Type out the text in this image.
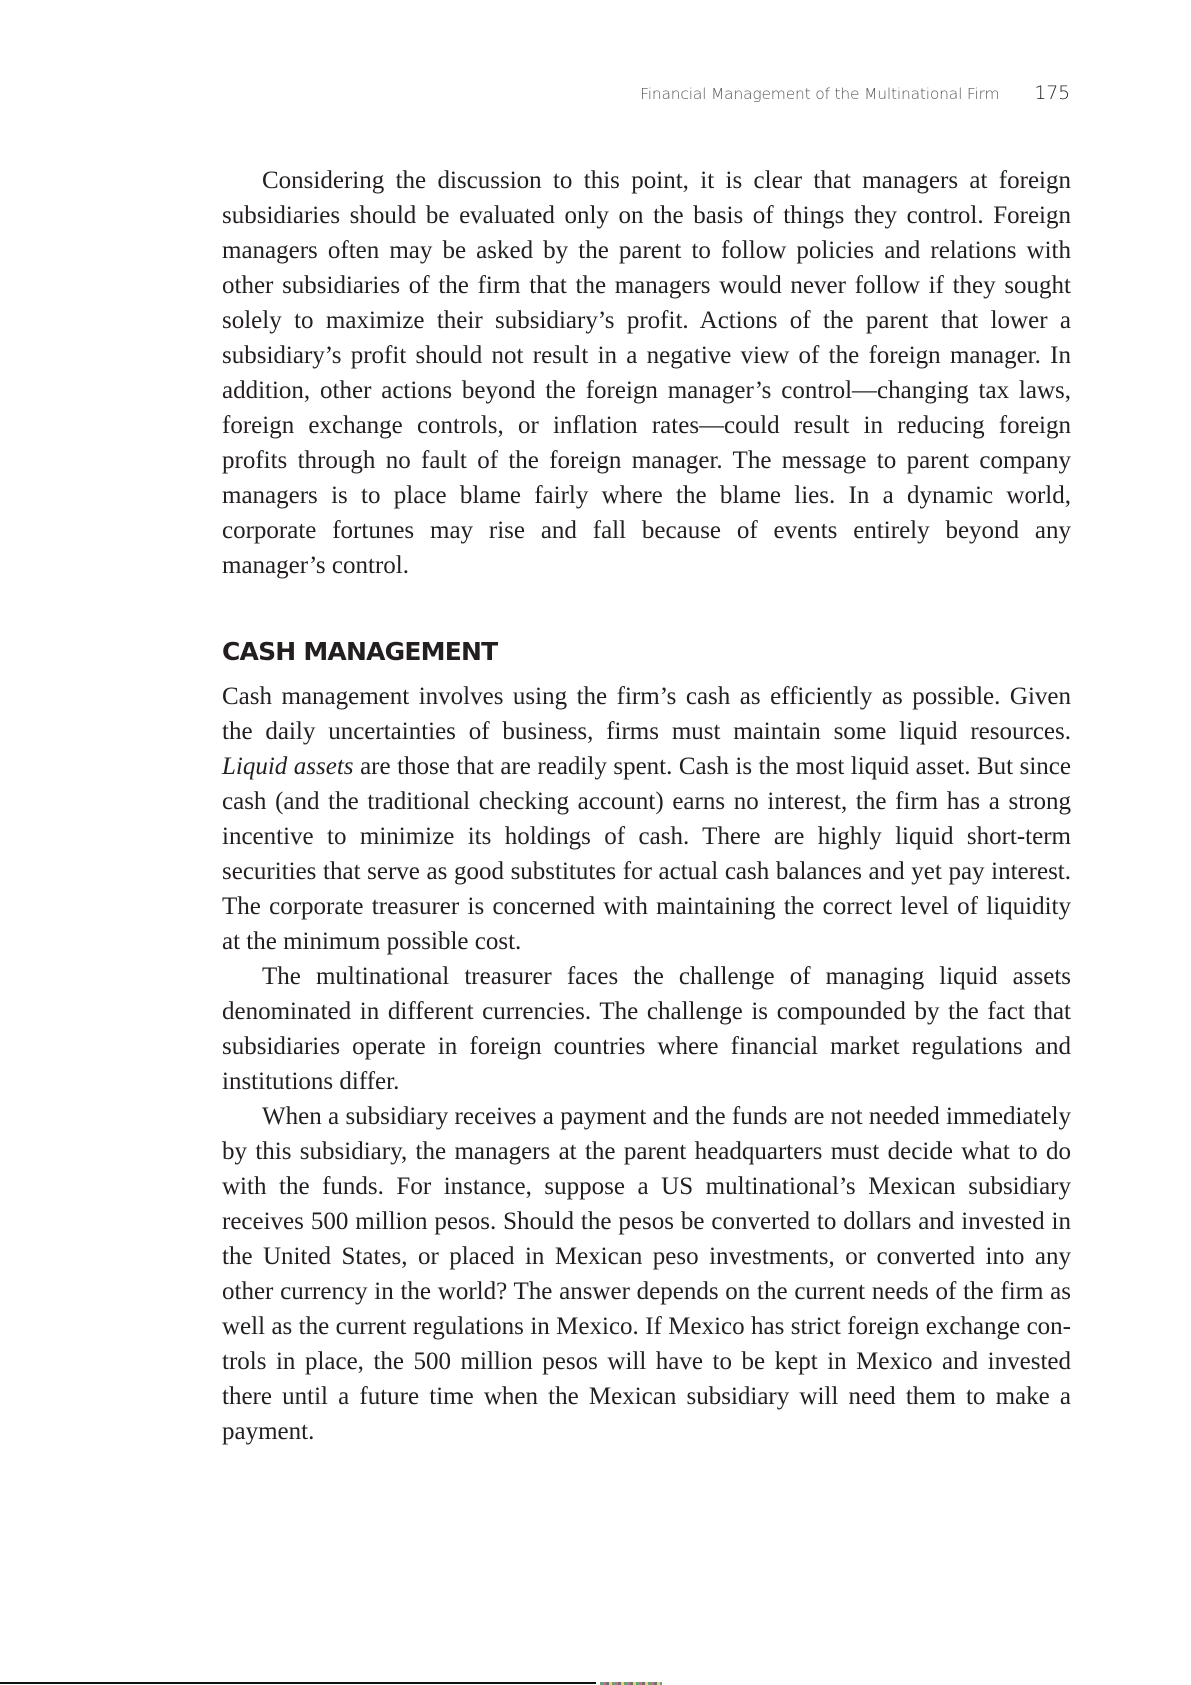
Financial Management of the Multinational Firm 175

Considering the discussion to this point, it is clear that managers at foreign subsidiaries should be evaluated only on the basis of things they control. Foreign managers often may be asked by the parent to follow policies and relations with other subsidiaries of the firm that the managers would never follow if they sought solely to maximize their subsidiary’s profit. Actions of the parent that lower a subsidiary’s profit should not result in a negative view of the foreign manager. In addition, other actions beyond the foreign manager’s control—changing tax laws, foreign exchange controls, or inflation rates—could result in reducing foreign profits through no fault of the foreign manager. The message to parent company managers is to place blame fairly where the blame lies. In a dynamic world, corporate fortunes may rise and fall because of events entirely beyond any manager’s control.

CASH MANAGEMENT

Cash management involves using the firm’s cash as efficiently as possible. Given the daily uncertainties of business, firms must maintain some liquid resources. Liquid assets are those that are readily spent. Cash is the most liquid asset. But since cash (and the traditional checking account) earns no interest, the firm has a strong incentive to minimize its holdings of cash. There are highly liquid short-term securities that serve as good substitutes for actual cash balances and yet pay interest. The corporate treasurer is concerned with maintaining the correct level of liquidity at the minimum possible cost.

The multinational treasurer faces the challenge of managing liquid assets denominated in different currencies. The challenge is compounded by the fact that subsidiaries operate in foreign countries where financial market regulations and institutions differ.

When a subsidiary receives a payment and the funds are not needed immediately by this subsidiary, the managers at the parent headquarters must decide what to do with the funds. For instance, suppose a US multinational’s Mexican subsidiary receives 500 million pesos. Should the pesos be converted to dollars and invested in the United States, or placed in Mexican peso investments, or converted into any other currency in the world? The answer depends on the current needs of the firm as well as the current regulations in Mexico. If Mexico has strict foreign exchange controls in place, the 500 million pesos will have to be kept in Mexico and invested there until a future time when the Mexican subsidiary will need them to make a payment.
